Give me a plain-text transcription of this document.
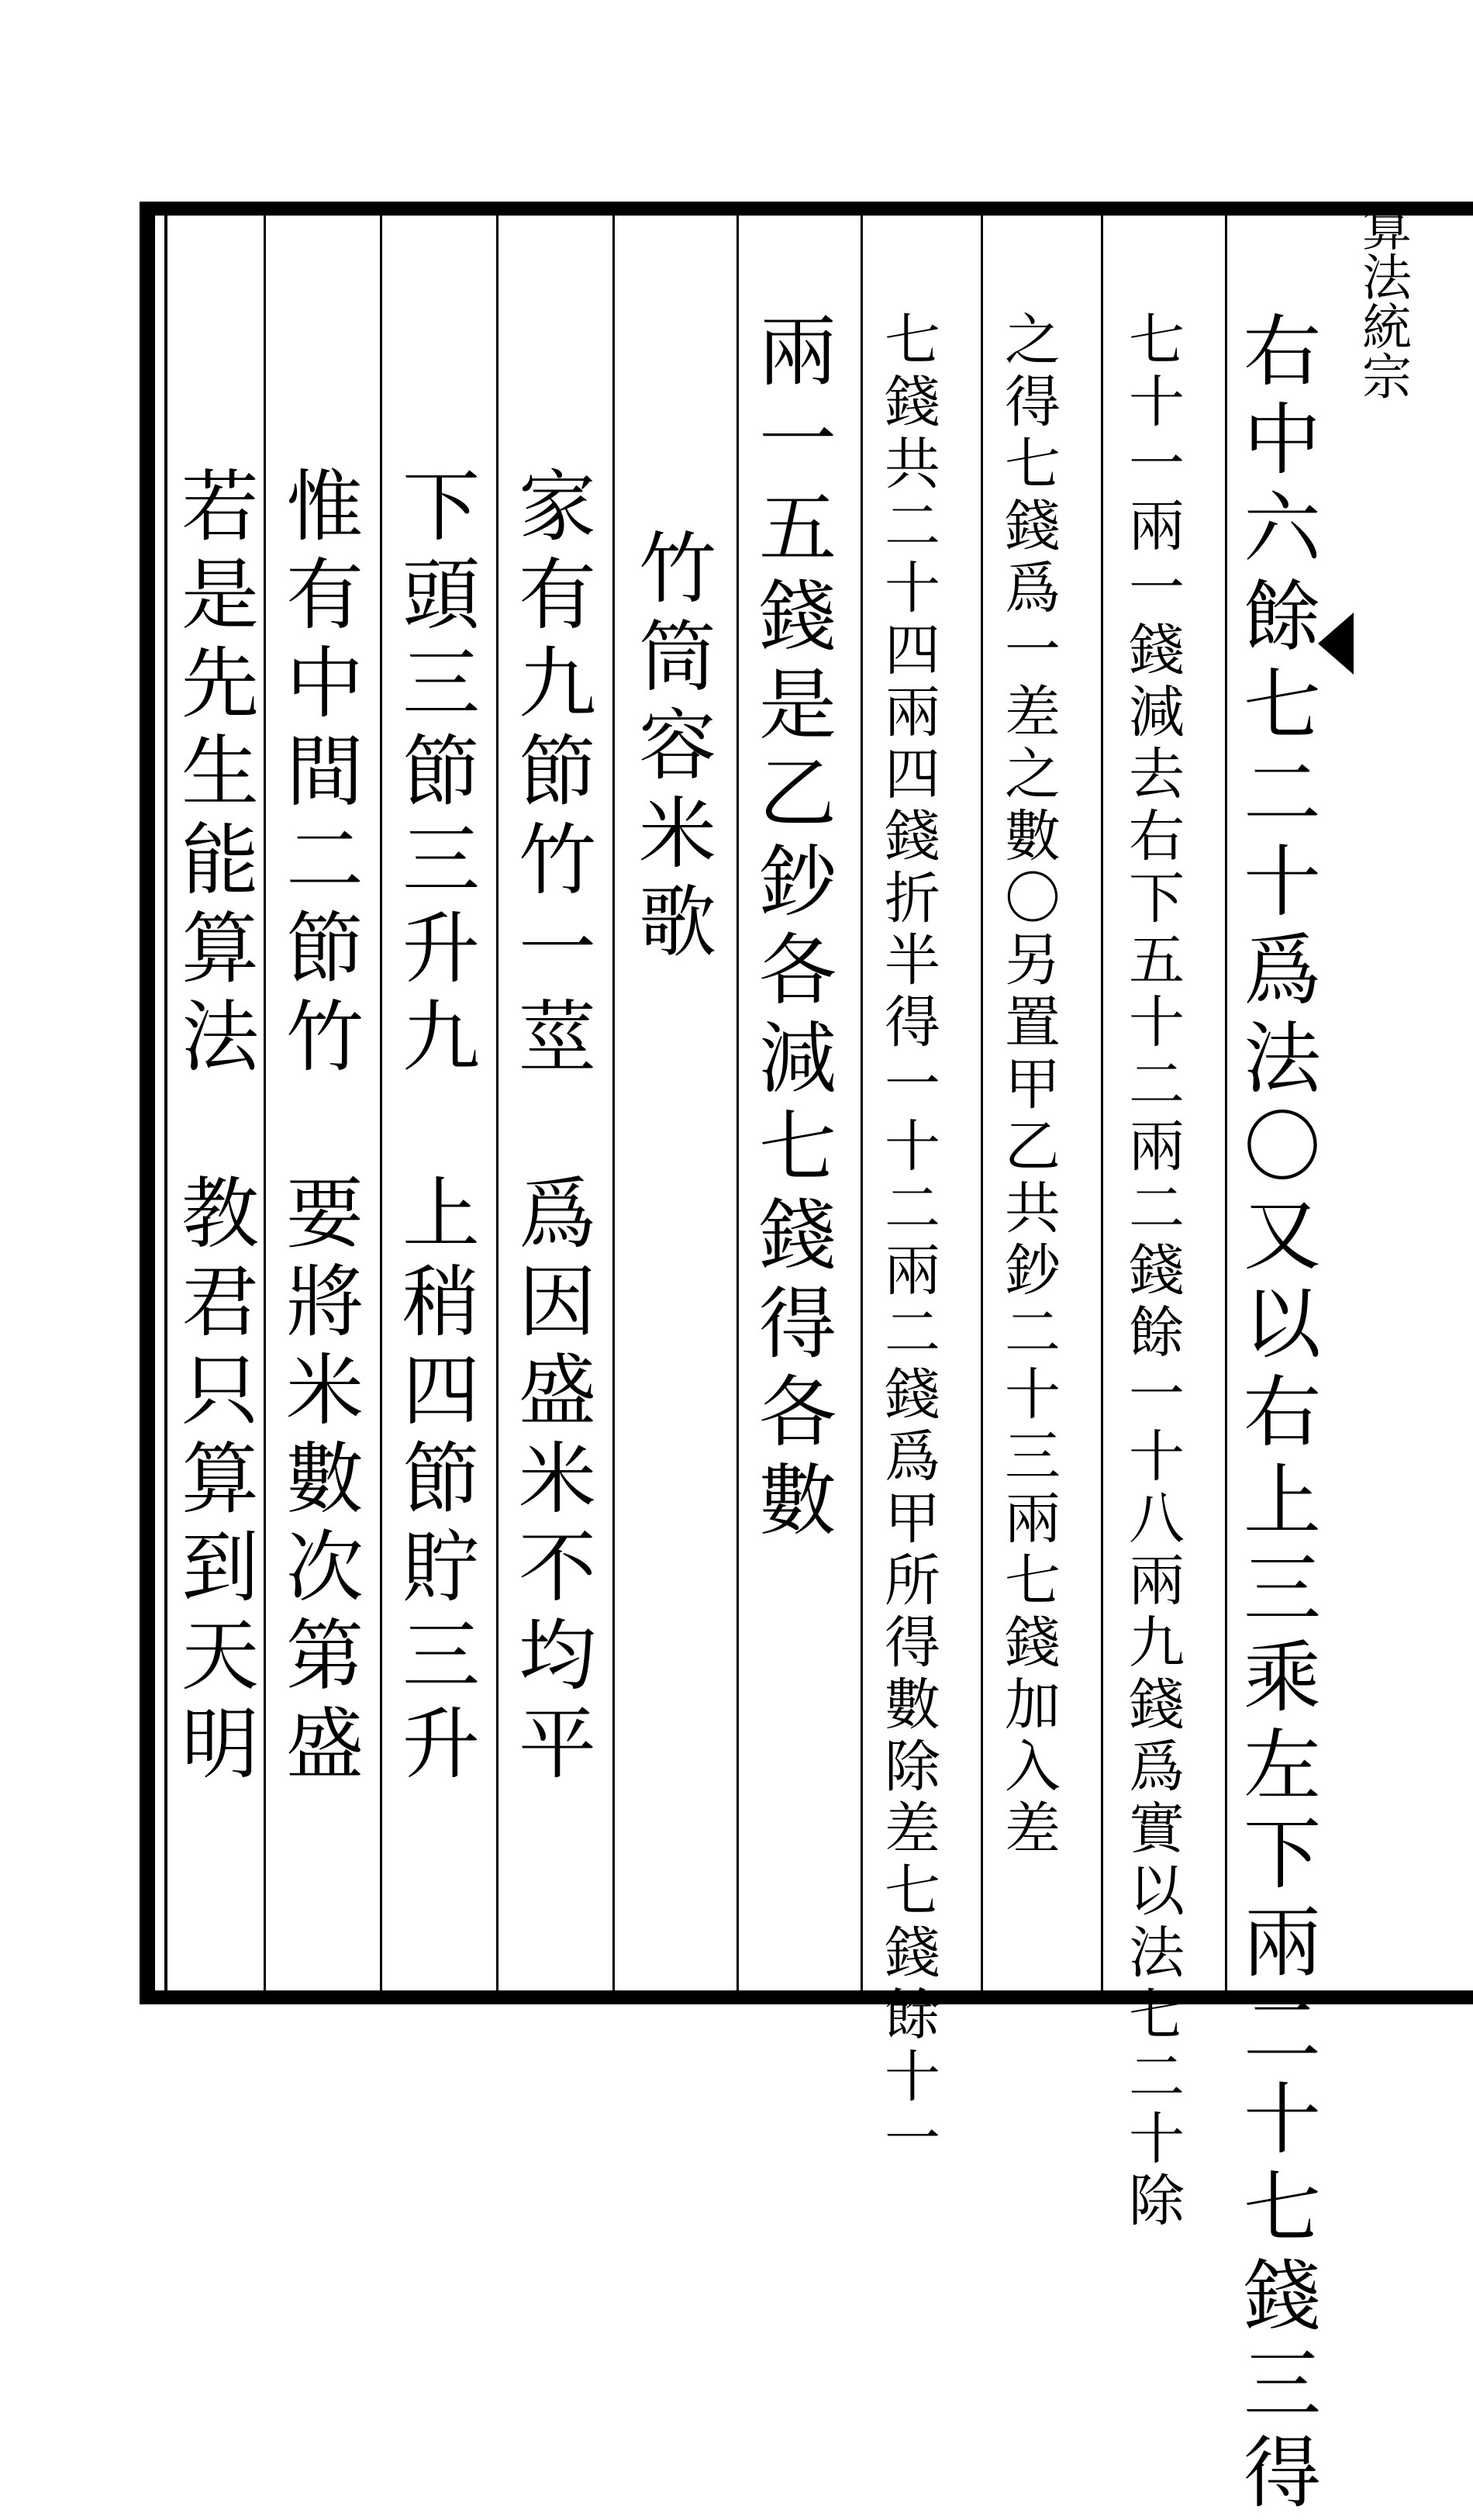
算法統宗
右中六餘七二十爲法〇又以右上三乘左下兩二十七錢三得
七十一兩一錢減去右下五十二兩二錢餘一十八兩九錢爲實以法七二十除
之得七錢爲一差之數〇另置甲乙共鈔二十三兩七錢加入差
七錢共二十四兩四錢折半得一十二兩二錢爲甲所得數除差七錢餘十一
兩一五錢是乙鈔各減七錢得各數
竹筒容米歌
家有九節竹一莖　爲因盛米不均平
下頭三節三升九　上稍四節貯三升
惟有中間二節竹　要將米數次第盛
若是先生能算法　教君只算到天明
